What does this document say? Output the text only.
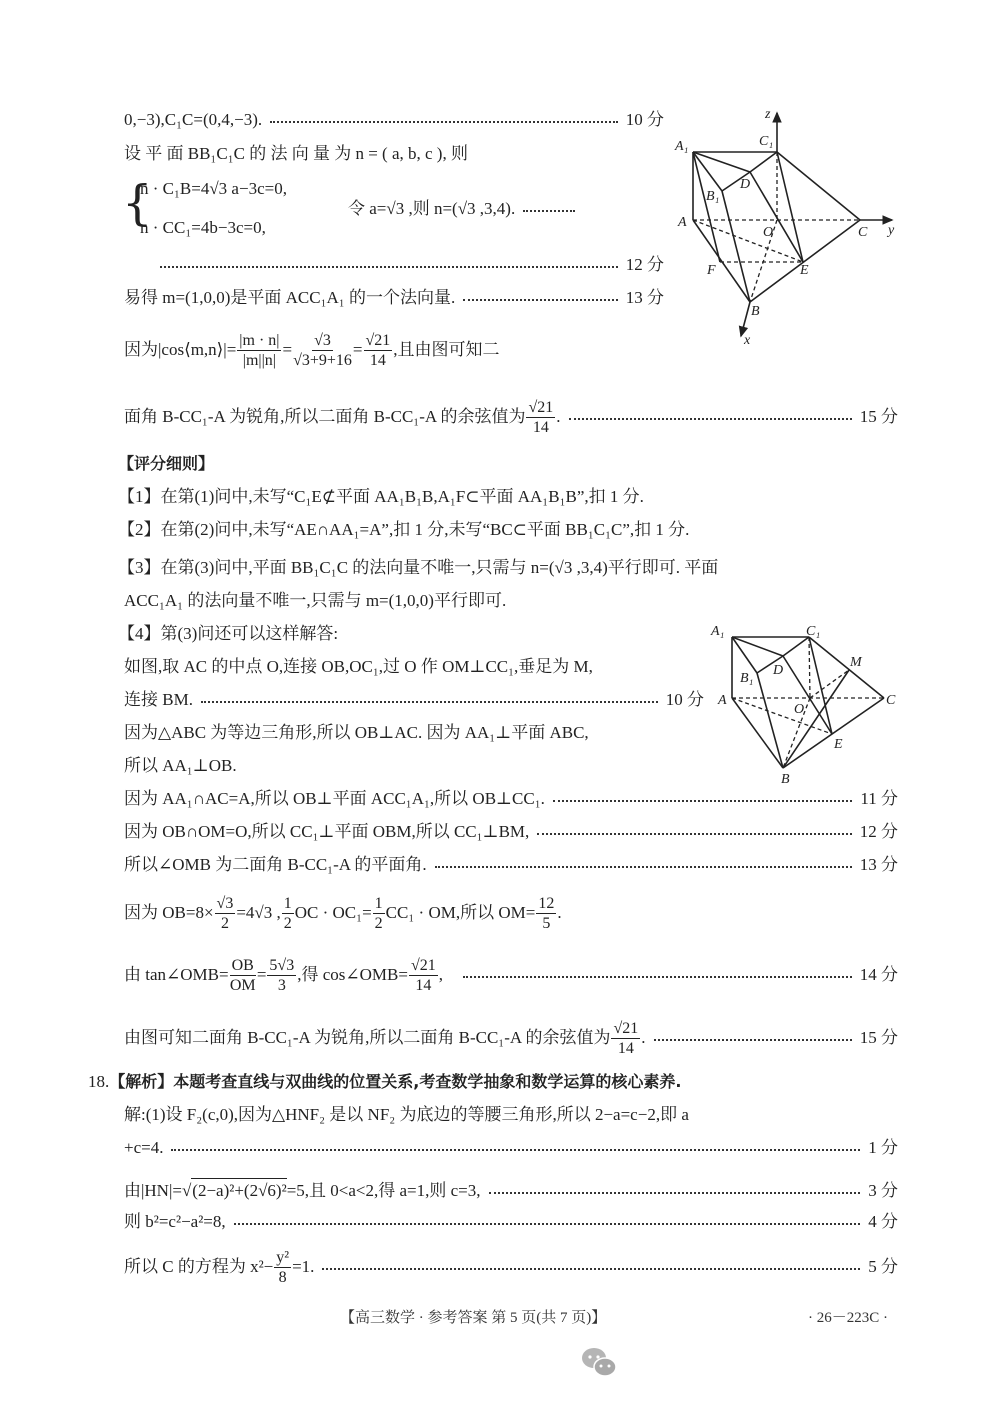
0,−3),C₁C=(0,4,−3).	10 分
设 平 面 BB₁C₁C 的 法 向 量 为 n = ( a, b, c ), 则
{
n · C₁B=4√3 a−3c=0,
n · CC₁=4b−3c=0,
令 a=√3 ,则 n=(√3 ,3,4).
12 分
易得 m=(1,0,0)是平面 ACC₁A₁ 的一个法向量.	13 分
因为|cos⟨m,n⟩|= $\frac{|m \cdot n|}{|m||n|} = \frac{√3}{√3+9+16} = \frac{√21}{14}$ ,且由图可知二
面角 B-CC₁-A 为锐角,所以二面角 B-CC₁-A 的余弦值为 $\frac{√21}{14}$ .	15 分
z
C₁
A₁
D
B₁
A
O	C y
F	E
B
x
【评分细则】
【1】在第(1)问中,未写“C₁E⊄平面 AA₁B₁B,A₁F⊂平面 AA₁B₁B”,扣 1 分.
【2】在第(2)问中,未写“AE∩AA₁=A”,扣 1 分,未写“BC⊂平面 BB₁C₁C”,扣 1 分.
【3】在第(3)问中,平面 BB₁C₁C 的法向量不唯一,只需与 n=(√3 ,3,4)平行即可. 平面
ACC₁A₁ 的法向量不唯一,只需与 m=(1,0,0)平行即可.
【4】第(3)问还可以这样解答:
如图,取 AC 的中点 O,连接 OB,OC₁,过 O 作 OM⊥CC₁,垂足为 M,
连接 BM.	10 分
因为△ABC 为等边三角形,所以 OB⊥AC. 因为 AA₁⊥平面 ABC,
所以 AA₁⊥OB.
A₁	C₁
D
B₁
M
A
O
C
E
B
因为 AA₁∩AC=A,所以 OB⊥平面 ACC₁A₁,所以 OB⊥CC₁.	11 分
因为 OB∩OM=O,所以 CC₁⊥平面 OBM,所以 CC₁⊥BM,	12 分
所以∠OMB 为二面角 B-CC₁-A 的平面角.	13 分
因为 $OB=8\times \frac{√3}{2} =4√3$ , $\frac{1}{2}$ OC · $OC_1= \frac{1}{2} CC_1$ · OM,所以 $OM= \frac{12}{5}$ .
由 tan∠OMB= $\frac{OB}{OM} = \frac{5√3}{3}$ ,得 cos∠OMB= $\frac{√21}{14}$ ,	14 分
由图可知二面角 B-CC₁-A 为锐角,所以二面角 B-CC₁-A 的余弦值为 $\frac{√21}{14}$ .	15 分
18. 【解析】本题考查直线与双曲线的位置关系,考查数学抽象和数学运算的核心素养.
解:(1)设 F₂(c,0),因为△HNF₂ 是以 NF₂ 为底边的等腰三角形,所以 2−a=c−2,即 a
+c=4.	1 分
由|HN|= √ (2−a)²+(2√6)² =5,且 0<a<2,得 a=1,则 c=3,	3 分
则 b²=c²−a²=8,	4 分
所以 C 的方程为 $x^2- \frac{\text{y²}}{8} =1$.	5 分
【高三数学 · 参考答案 第 5 页(共 7 页)】	· 26－223C ·
